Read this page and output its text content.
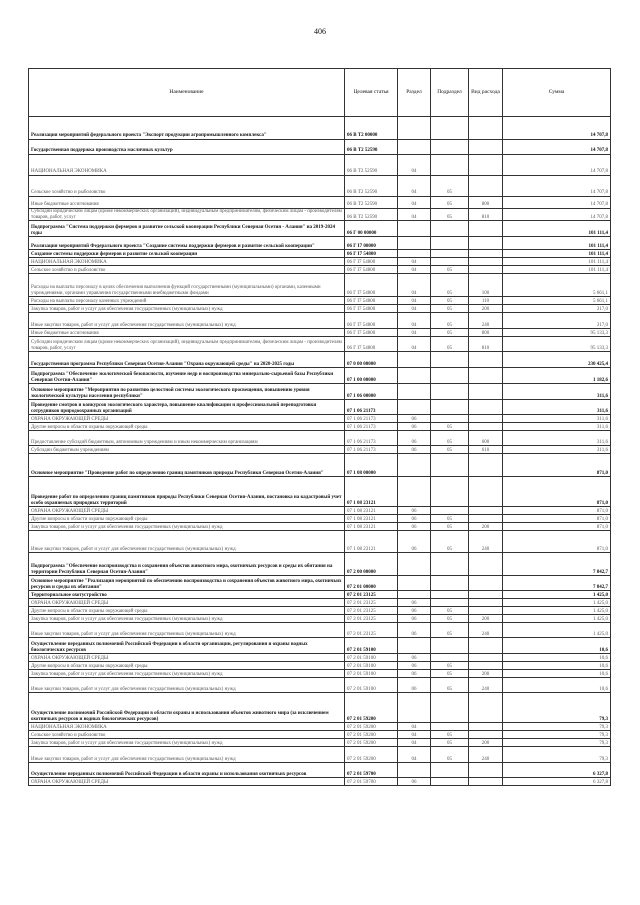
406
Наименование	Целевая статья	Раздел	Подраздел	Вид расхода	Сумма
Реализация мероприятий федерального проекта "Экспорт продукции агропромышленного комплекса"	06 В Т2 00000				14 707,8
Государственная поддержка производства масличных культур	06 В Т2 52590				14 707,8
НАЦИОНАЛЬНАЯ ЭКОНОМИКА	06 В Т2 52590	04			14 707,8
Сельское хозяйство и рыболовство	06 В Т2 52590	04	05		14 707,8
Иные бюджетные ассигнования	06 В Т2 52590	04	05	800	14 707,8
Субсидии юридическим лицам (кроме некоммерческих организаций), индивидуальным предпринимателям, физическим лицам - производителям товаров, работ, услуг	06 В Т2 52590	04	05	810	14 707,8
Подпрограмма "Система поддержки фермеров и развитие сельской кооперации Республики Северная Осетия - Алания" на 2019-2024 годы	06 Г 00 00000				101 111,4
Реализация мероприятий Федерального проекта "Создание системы поддержки фермеров и развитие сельской кооперации"	06 Г I7 00000				101 111,4
Создание системы поддержки фермеров и развитие сельской кооперации	06 Г I7 54800				101 111,4
НАЦИОНАЛЬНАЯ ЭКОНОМИКА	06 Г I7 54800	04			101 111,4
Сельское хозяйство и рыболовство	06 Г I7 54800	04	05		101 111,4
Расходы на выплаты персоналу в целях обеспечения выполнения функций государственными (муниципальными) органами, казенными учреждениями, органами управления государственными внебюджетными фондами	06 Г I7 54800	04	05	100	5 661,1
Расходы на выплаты персоналу казенных учреждений	06 Г I7 54800	04	05	110	5 661,1
Закупка товаров, работ и услуг для обеспечения государственных (муниципальных) нужд	06 Г I7 54800	04	05	200	317,0
Иные закупки товаров, работ и услуг для обеспечения государственных (муниципальных) нужд	06 Г I7 54800	04	05	240	317,0
Иные бюджетные ассигнования	06 Г I7 54800	04	05	800	95 133,3
Субсидии юридическим лицам (кроме некоммерческих организаций), индивидуальным предпринимателям, физическим лицам - производителям товаров, работ, услуг	06 Г I7 54800	04	05	810	95 133,3
Государственная программа Республики Северная Осетия-Алания "Охрана окружающей среды" на 2020-2025 годы	07 0 00 00000				230 425,4
Подпрограмма "Обеспечение экологической безопасности, изучение недр и воспроизводства минерально-сырьевой базы Республики Северная Осетия-Алания"	07 1 00 00000				1 182,6
Основное мероприятие "Мероприятия по развитию целостной системы экологического просвещения, повышению уровня экологической культуры населения республики"	07 1 06 00000				311,6
Проведение смотров и конкурсов экологического характера, повышение квалификации и профессиональной переподготовки сотрудников природоохранных организаций	07 1 06 21173				311,6
ОХРАНА ОКРУЖАЮЩЕЙ СРЕДЫ	07 1 06 21173	06			311,6
Другие вопросы в области охраны окружающей среды	07 1 06 21173	06	05		311,6
Предоставление субсидий бюджетным, автономным учреждениям и иным некоммерческим организациям	07 1 06 21173	06	05	600	311,6
Субсидии бюджетным учреждениям	07 1 06 21173	06	05	610	311,6
Основное мероприятие "Проведение работ по определению границ памятников природы Республики Северная Осетия-Алания"	07 1 08 00000				871,0
Проведение работ по определению границ памятников природы Республики Северная Осетия-Алания, постановка на кадастровый учет особо охраняемых природных территорий	07 1 08 23121				871,0
ОХРАНА ОКРУЖАЮЩЕЙ СРЕДЫ	07 1 08 23121	06			871,0
Другие вопросы в области охраны окружающей среды	07 1 08 23121	06	05		871,0
Закупка товаров, работ и услуг для обеспечения государственных (муниципальных) нужд	07 1 08 23121	06	05	200	871,0
Иные закупки товаров, работ и услуг для обеспечения государственных (муниципальных) нужд	07 1 08 23121	06	05	240	871,0
Подпрограмма "Обеспечение воспроизводства и сохранения объектов животного мира, охотничьих ресурсов и среды их обитания на территории Республики Северная Осетия-Алания"	07 2 00 00000				7 842,7
Основное мероприятие "Реализация мероприятий по обеспечению воспроизводства и сохранения объектов животного мира, охотничьих ресурсов и среды их обитания"	07 2 01 00000				7 842,7
Территориальное охотустройство	07 2 01 23125				1 425,0
ОХРАНА ОКРУЖАЮЩЕЙ СРЕДЫ	07 2 01 23125	06			1 425,0
Другие вопросы в области охраны окружающей среды	07 2 01 23125	06	05		1 425,0
Закупка товаров, работ и услуг для обеспечения государственных (муниципальных) нужд	07 2 01 23125	06	05	200	1 425,0
Иные закупки товаров, работ и услуг для обеспечения государственных (муниципальных) нужд	07 2 01 23125	06	05	240	1 425,0
Осуществление переданных полномочий Российской Федерации в области организации, регулирования и охраны водных биологических ресурсов	07 2 01 59100				10,6
ОХРАНА ОКРУЖАЮЩЕЙ СРЕДЫ	07 2 01 59100	06			10,6
Другие вопросы в области охраны окружающей среды	07 2 01 59100	06	05		10,6
Закупка товаров, работ и услуг для обеспечения государственных (муниципальных) нужд	07 2 01 59100	06	05	200	10,6
Иные закупки товаров, работ и услуг для обеспечения государственных (муниципальных) нужд	07 2 01 59100	06	05	240	10,6
Осуществление полномочий Российской Федерации в области охраны и использования объектов животного мира (за исключением охотничьих ресурсов и водных биологических ресурсов)	07 2 01 59200				79,3
НАЦИОНАЛЬНАЯ ЭКОНОМИКА	07 2 01 59200	04			79,3
Сельское хозяйство и рыболовство	07 2 01 59200	04	05		79,3
Закупка товаров, работ и услуг для обеспечения государственных (муниципальных) нужд	07 2 01 59200	04	05	200	79,3
Иные закупки товаров, работ и услуг для обеспечения государственных (муниципальных) нужд	07 2 01 59200	04	05	240	79,3
Осуществление переданных полномочий Российской Федерации в области охраны и использования охотничьих ресурсов	07 2 01 59700				6 327,8
ОХРАНА ОКРУЖАЮЩЕЙ СРЕДЫ	07 2 01 59700	06			6 327,8
